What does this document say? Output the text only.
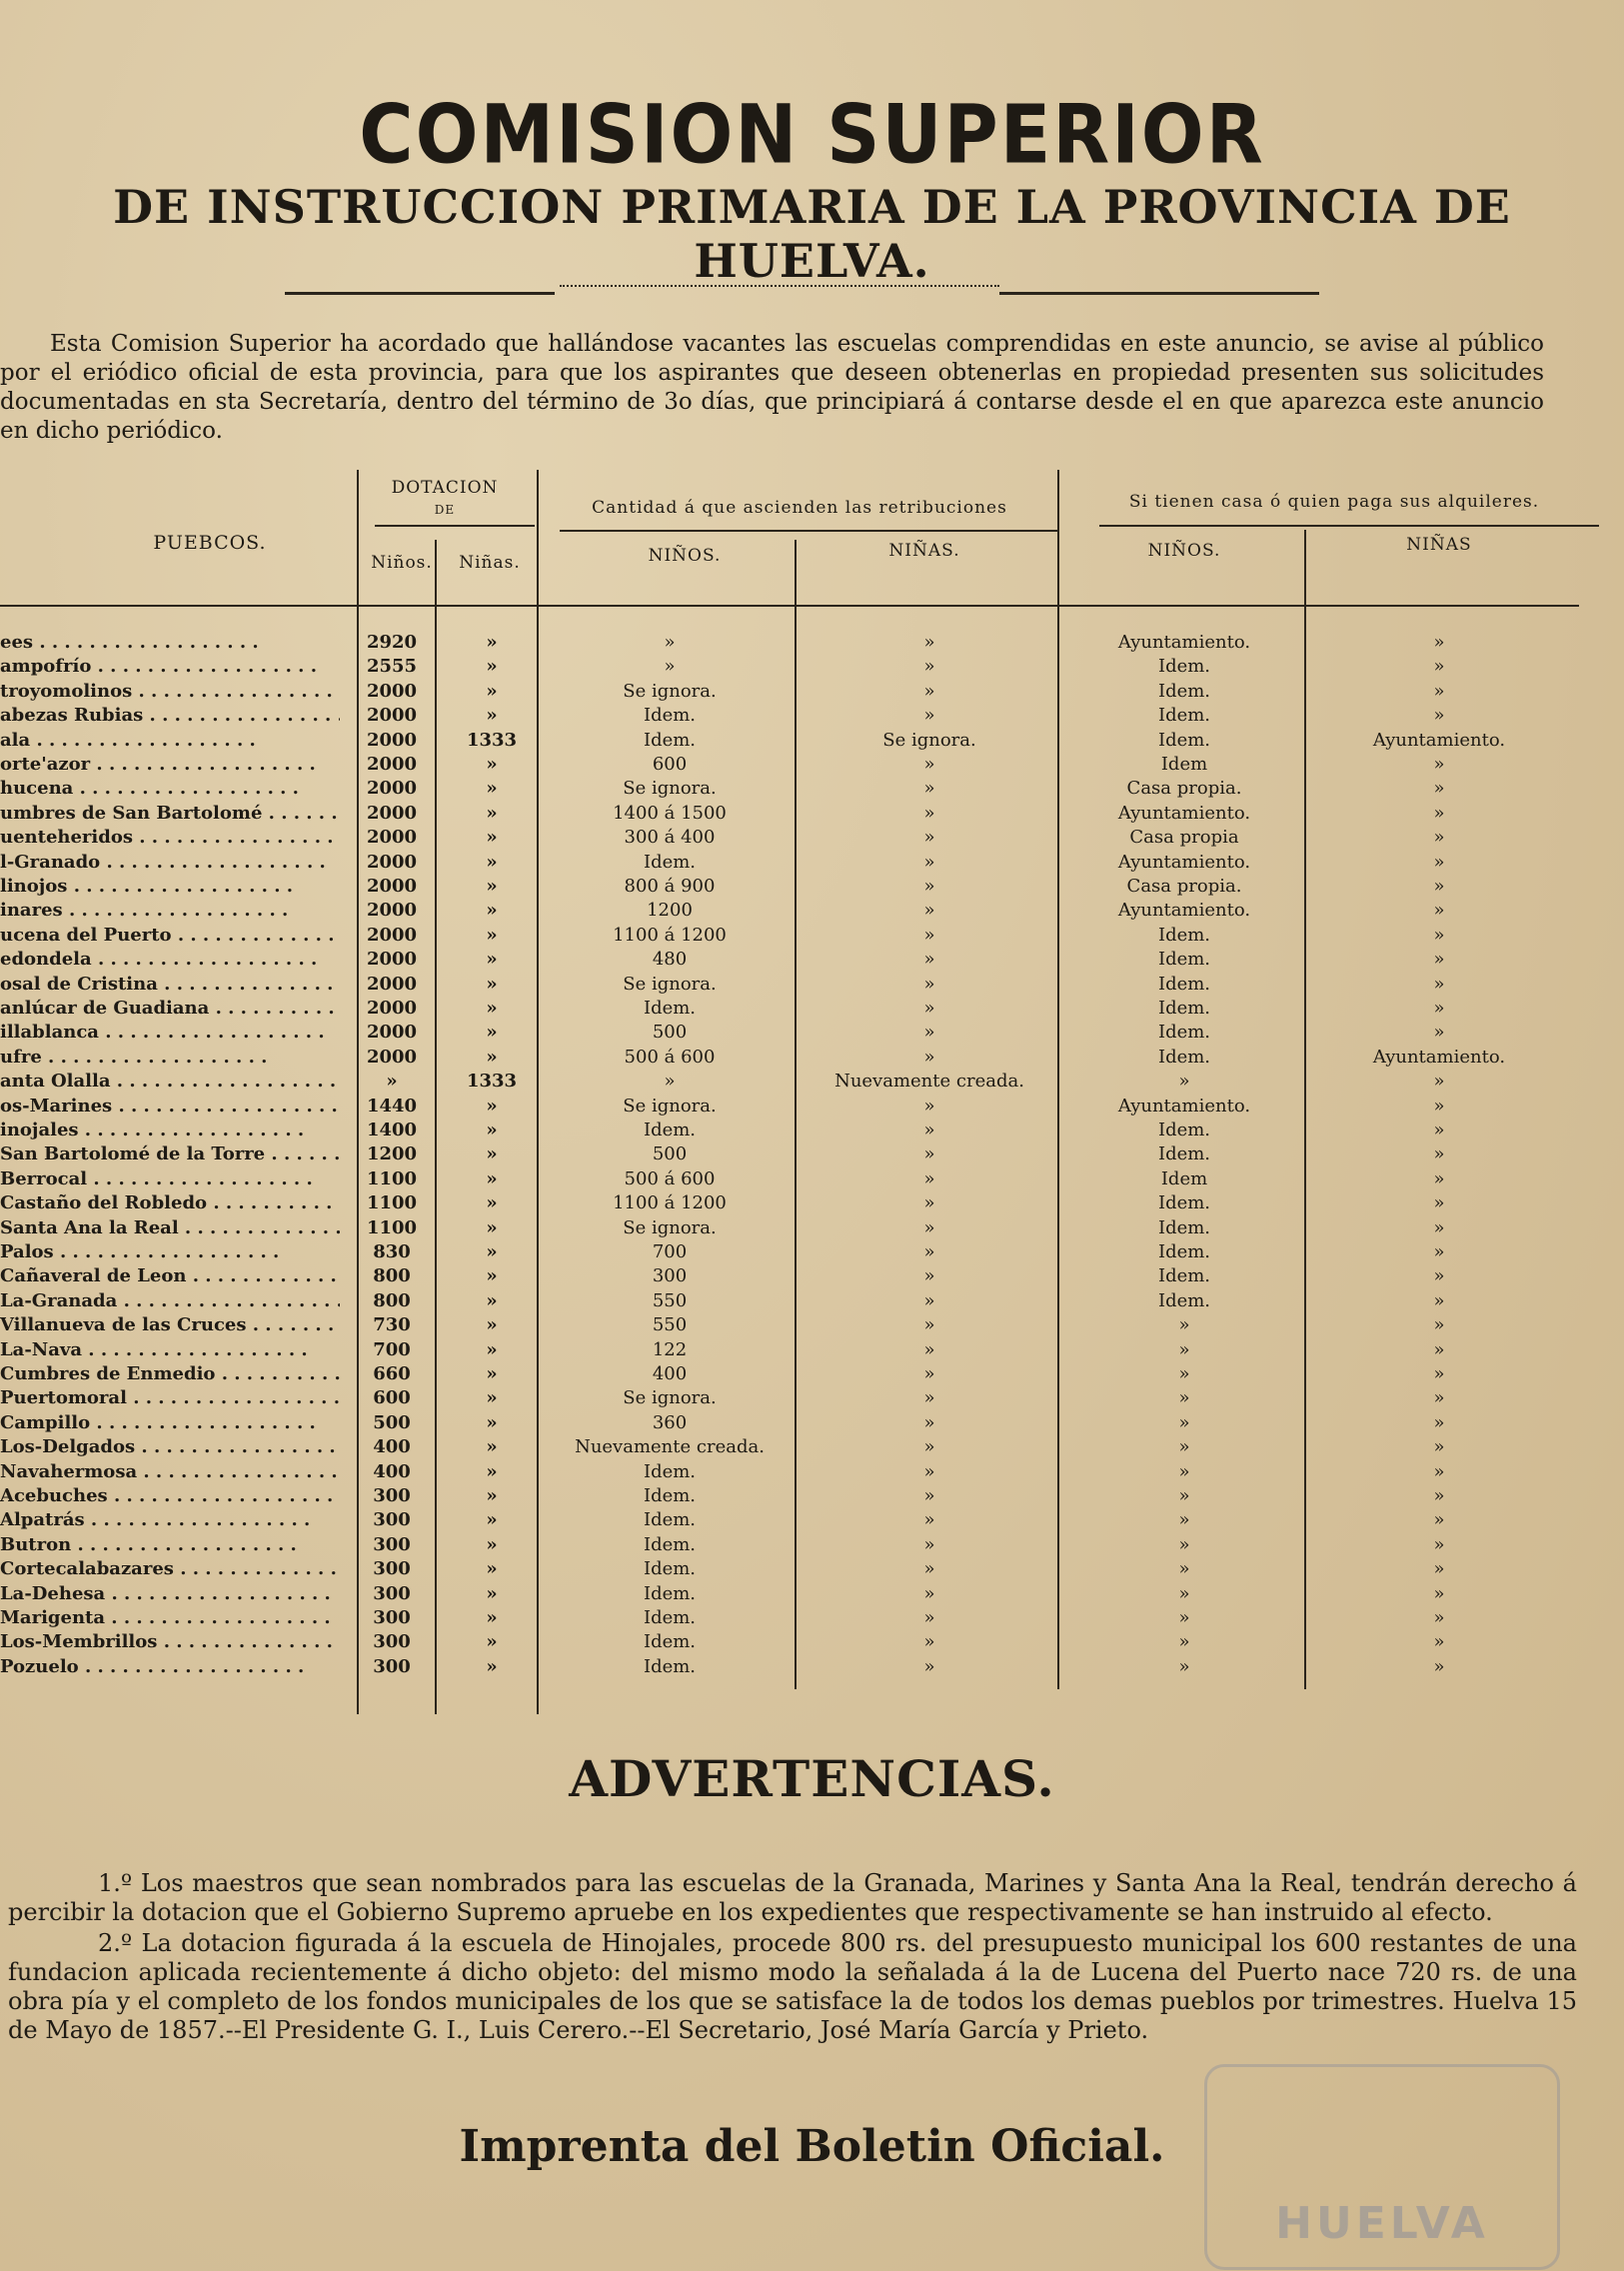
COMISION SUPERIOR
DE INSTRUCCION PRIMARIA DE LA PROVINCIA DE HUELVA.
Esta Comision Superior ha acordado que hallándose vacantes las escuelas comprendidas en este anuncio, se avise al público por el eriódico oficial de esta provincia, para que los aspirantes que deseen obtenerlas en propiedad presenten sus solicitudes documentadas en sta Secretaría, dentro del término de 3o días, que principiará á contarse desde el en que aparezca este anuncio en dicho periódico.
PUEBCOS.
DOTACION
DE
Niños.	Niñas.
Cantidad á que ascienden las retribuciones
NIÑOS.	NIÑAS.
Si tienen casa ó quien paga sus alquileres.
NIÑOS.	NIÑAS
ees . . .	2920	»	»	»	Ayuntamiento.	»
ampofrío . . .	2555	»	»	»	Idem.	»
troyomolinos . . .	2000	»	Se ignora.	»	Idem.	»
abezas Rubias . . .	2000	»	Idem.	»	Idem.	»
ala . . .	2000	1333	Idem.	Se ignora.	Idem.	Ayuntamiento.
orte'azor . . .	2000	»	600	»	Idem	»
hucena . . .	2000	»	Se ignora.	»	Casa propia.	»
umbres de San Bartolomé . . .	2000	»	1400 á 1500	»	Ayuntamiento.	»
uenteheridos . . .	2000	»	300 á 400	»	Casa propia	»
l-Granado . . .	2000	»	Idem.	»	Ayuntamiento.	»
linojos . . .	2000	»	800 á 900	»	Casa propia.	»
inares . . .	2000	»	1200	»	Ayuntamiento.	»
ucena del Puerto . . .	2000	»	1100 á 1200	»	Idem.	»
edondela . . .	2000	»	480	»	Idem.	»
osal de Cristina . . .	2000	»	Se ignora.	»	Idem.	»
anlúcar de Guadiana . . .	2000	»	Idem.	»	Idem.	»
illablanca . . .	2000	»	500	»	Idem.	»
ufre . . .	2000	»	500 á 600	»	Idem.	Ayuntamiento.
anta Olalla . . .	»	1333	»	Nuevamente creada.	»	»
os-Marines . . .	1440	»	Se ignora.	»	Ayuntamiento.	»
inojales . . .	1400	»	Idem.	»	Idem.	»
San Bartolomé de la Torre . . .	1200	»	500	»	Idem.	»
Berrocal . . .	1100	»	500 á 600	»	Idem	»
Castaño del Robledo . . .	1100	»	1100 á 1200	»	Idem.	»
Santa Ana la Real . . .	1100	»	Se ignora.	»	Idem.	»
Palos . . .	830	»	700	»	Idem.	»
Cañaveral de Leon . . .	800	»	300	»	Idem.	»
La-Granada . . .	800	»	550	»	Idem.	»
Villanueva de las Cruces . . .	730	»	550	»	»	»
La-Nava . . .	700	»	122	»	»	»
Cumbres de Enmedio . . .	660	»	400	»	»	»
Puertomoral . . .	600	»	Se ignora.	»	»	»
Campillo . . .	500	»	360	»	»	»
Los-Delgados . . .	400	»	Nuevamente creada.	»	»	»
Navahermosa . . .	400	»	Idem.	»	»	»
Acebuches . . .	300	»	Idem.	»	»	»
Alpatrás . . .	300	»	Idem.	»	»	»
Butron . . .	300	»	Idem.	»	»	»
Cortecalabazares . . .	300	»	Idem.	»	»	»
La-Dehesa . . .	300	»	Idem.	»	»	»
Marigenta . . .	300	»	Idem.	»	»	»
Los-Membrillos . . .	300	»	Idem.	»	»	»
Pozuelo . . .	300	»	Idem.	»	»	»
ADVERTENCIAS.
1.º Los maestros que sean nombrados para las escuelas de la Granada, Marines y Santa Ana la Real, tendrán derecho á percibir la dotacion que el Gobierno Supremo apruebe en los expedientes que respectivamente se han instruido al efecto.
2.º La dotacion figurada á la escuela de Hinojales, procede 800 rs. del presupuesto municipal los 600 restantes de una fundacion aplicada recientemente á dicho objeto: del mismo modo la señalada á la de Lucena del Puerto nace 720 rs. de una obra pía y el completo de los fondos municipales de los que se satisface la de todos los demas pueblos por trimestres. Huelva 15 de Mayo de 1857.--El Presidente G. I., Luis Cerero.--El Secretario, José María García y Prieto.
Imprenta del Boletin Oficial.
HUELVA
